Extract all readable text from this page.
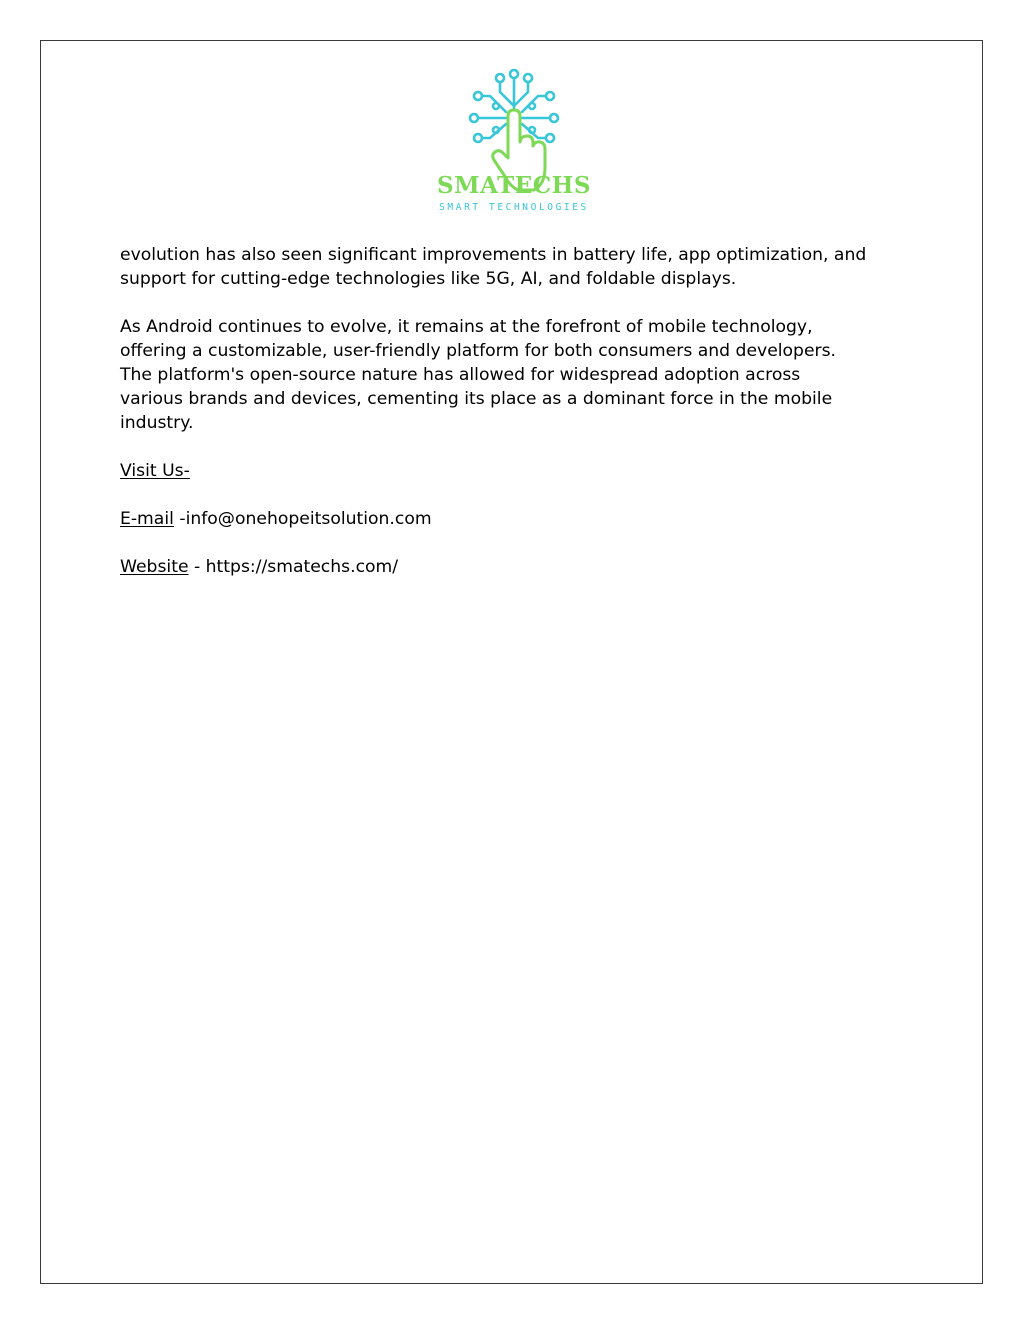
SMATECHS
SMART TECHNOLOGIES

evolution has also seen significant improvements in battery life, app optimization, and
support for cutting-edge technologies like 5G, AI, and foldable displays.

As Android continues to evolve, it remains at the forefront of mobile technology,
offering a customizable, user-friendly platform for both consumers and developers.
The platform's open-source nature has allowed for widespread adoption across
various brands and devices, cementing its place as a dominant force in the mobile
industry.

Visit Us-

E-mail -info@onehopeitsolution.com

Website - https://smatechs.com/
